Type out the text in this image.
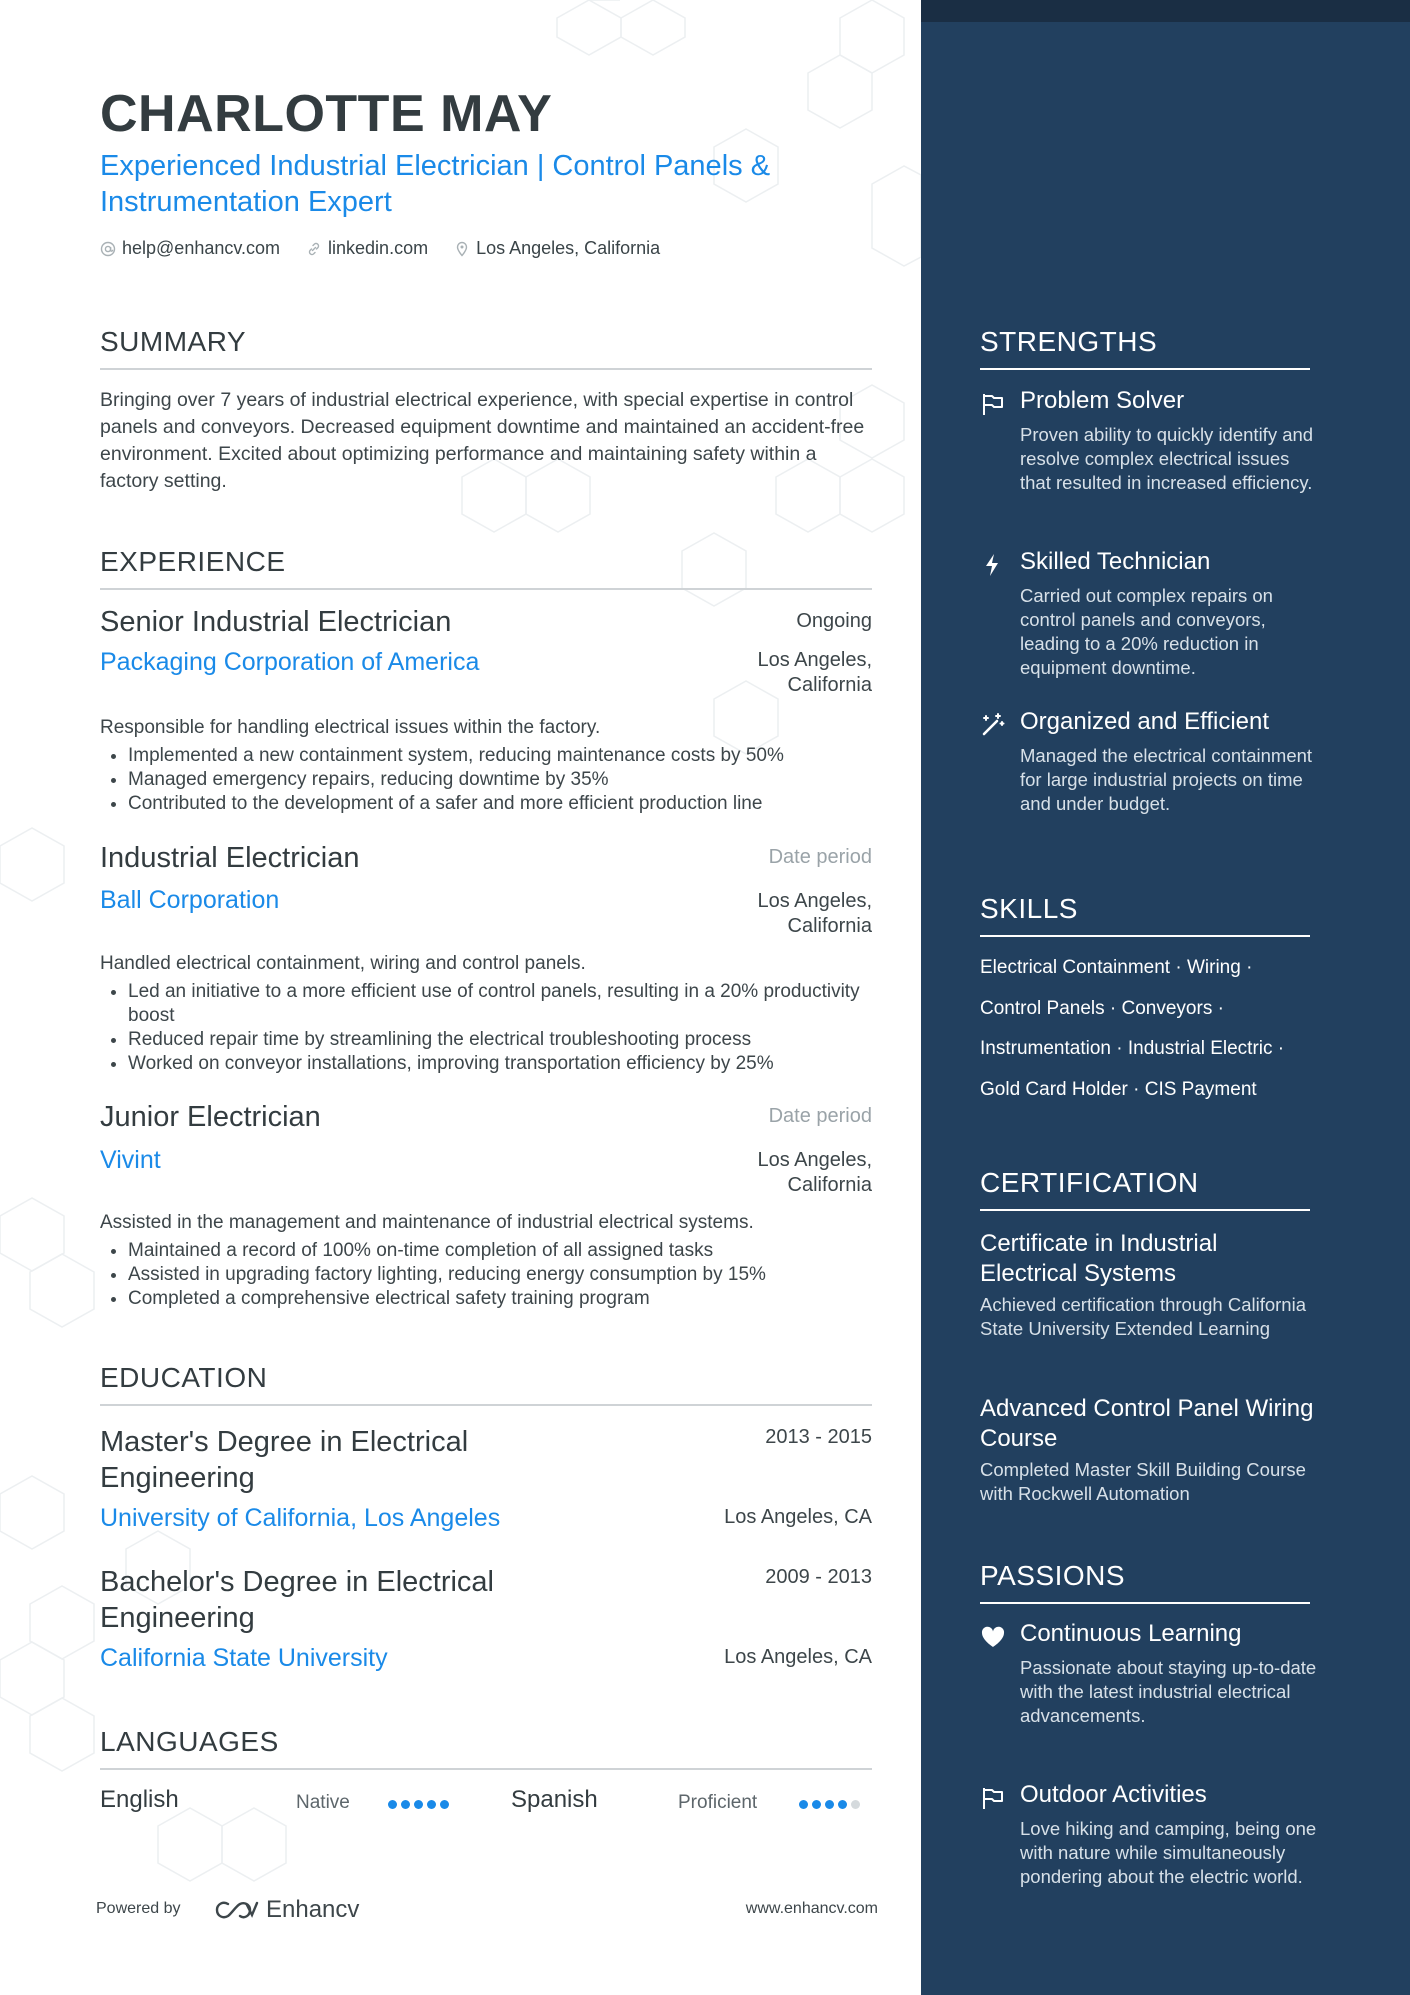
CHARLOTTE MAY
Experienced Industrial Electrician | Control Panels & Instrumentation Expert
help@enhancv.com	linkedin.com	Los Angeles, California
SUMMARY

Bringing over 7 years of industrial electrical experience, with special expertise in control panels and conveyors. Decreased equipment downtime and maintained an accident-free environment. Excited about optimizing performance and maintaining safety within a factory setting.

EXPERIENCE
Senior Industrial Electrician	Ongoing
Packaging Corporation of America	Los Angeles, California
Responsible for handling electrical issues within the factory.
• Implemented a new containment system, reducing maintenance costs by 50%
• Managed emergency repairs, reducing downtime by 35%
• Contributed to the development of a safer and more efficient production line
Industrial Electrician	Date period
Ball Corporation	Los Angeles, California
Handled electrical containment, wiring and control panels.
• Led an initiative to a more efficient use of control panels, resulting in a 20% productivity boost
• Reduced repair time by streamlining the electrical troubleshooting process
• Worked on conveyor installations, improving transportation efficiency by 25%
Junior Electrician	Date period
Vivint	Los Angeles, California
Assisted in the management and maintenance of industrial electrical systems.
• Maintained a record of 100% on-time completion of all assigned tasks
• Assisted in upgrading factory lighting, reducing energy consumption by 15%
• Completed a comprehensive electrical safety training program
EDUCATION
Master's Degree in Electrical Engineering
2013 - 2015
University of California, Los Angeles	Los Angeles, CA
Bachelor's Degree in Electrical Engineering
2009 - 2013
California State University	Los Angeles, CA
LANGUAGES
English	Native	Spanish	Proficient
Powered by	Enhancv	www.enhancv.com
STRENGTHS
Problem Solver
Proven ability to quickly identify and resolve complex electrical issues that resulted in increased efficiency.
Skilled Technician
Carried out complex repairs on control panels and conveyors, leading to a 20% reduction in equipment downtime.
Organized and Efficient
Managed the electrical containment for large industrial projects on time and under budget.
SKILLS
Electrical Containment · Wiring ·
Control Panels · Conveyors ·
Instrumentation · Industrial Electric ·
Gold Card Holder · CIS Payment
CERTIFICATION
Certificate in Industrial Electrical Systems
Achieved certification through California State University Extended Learning
Advanced Control Panel Wiring Course
Completed Master Skill Building Course with Rockwell Automation
PASSIONS
Continuous Learning
Passionate about staying up-to-date with the latest industrial electrical advancements.
Outdoor Activities
Love hiking and camping, being one with nature while simultaneously pondering about the electric world.
